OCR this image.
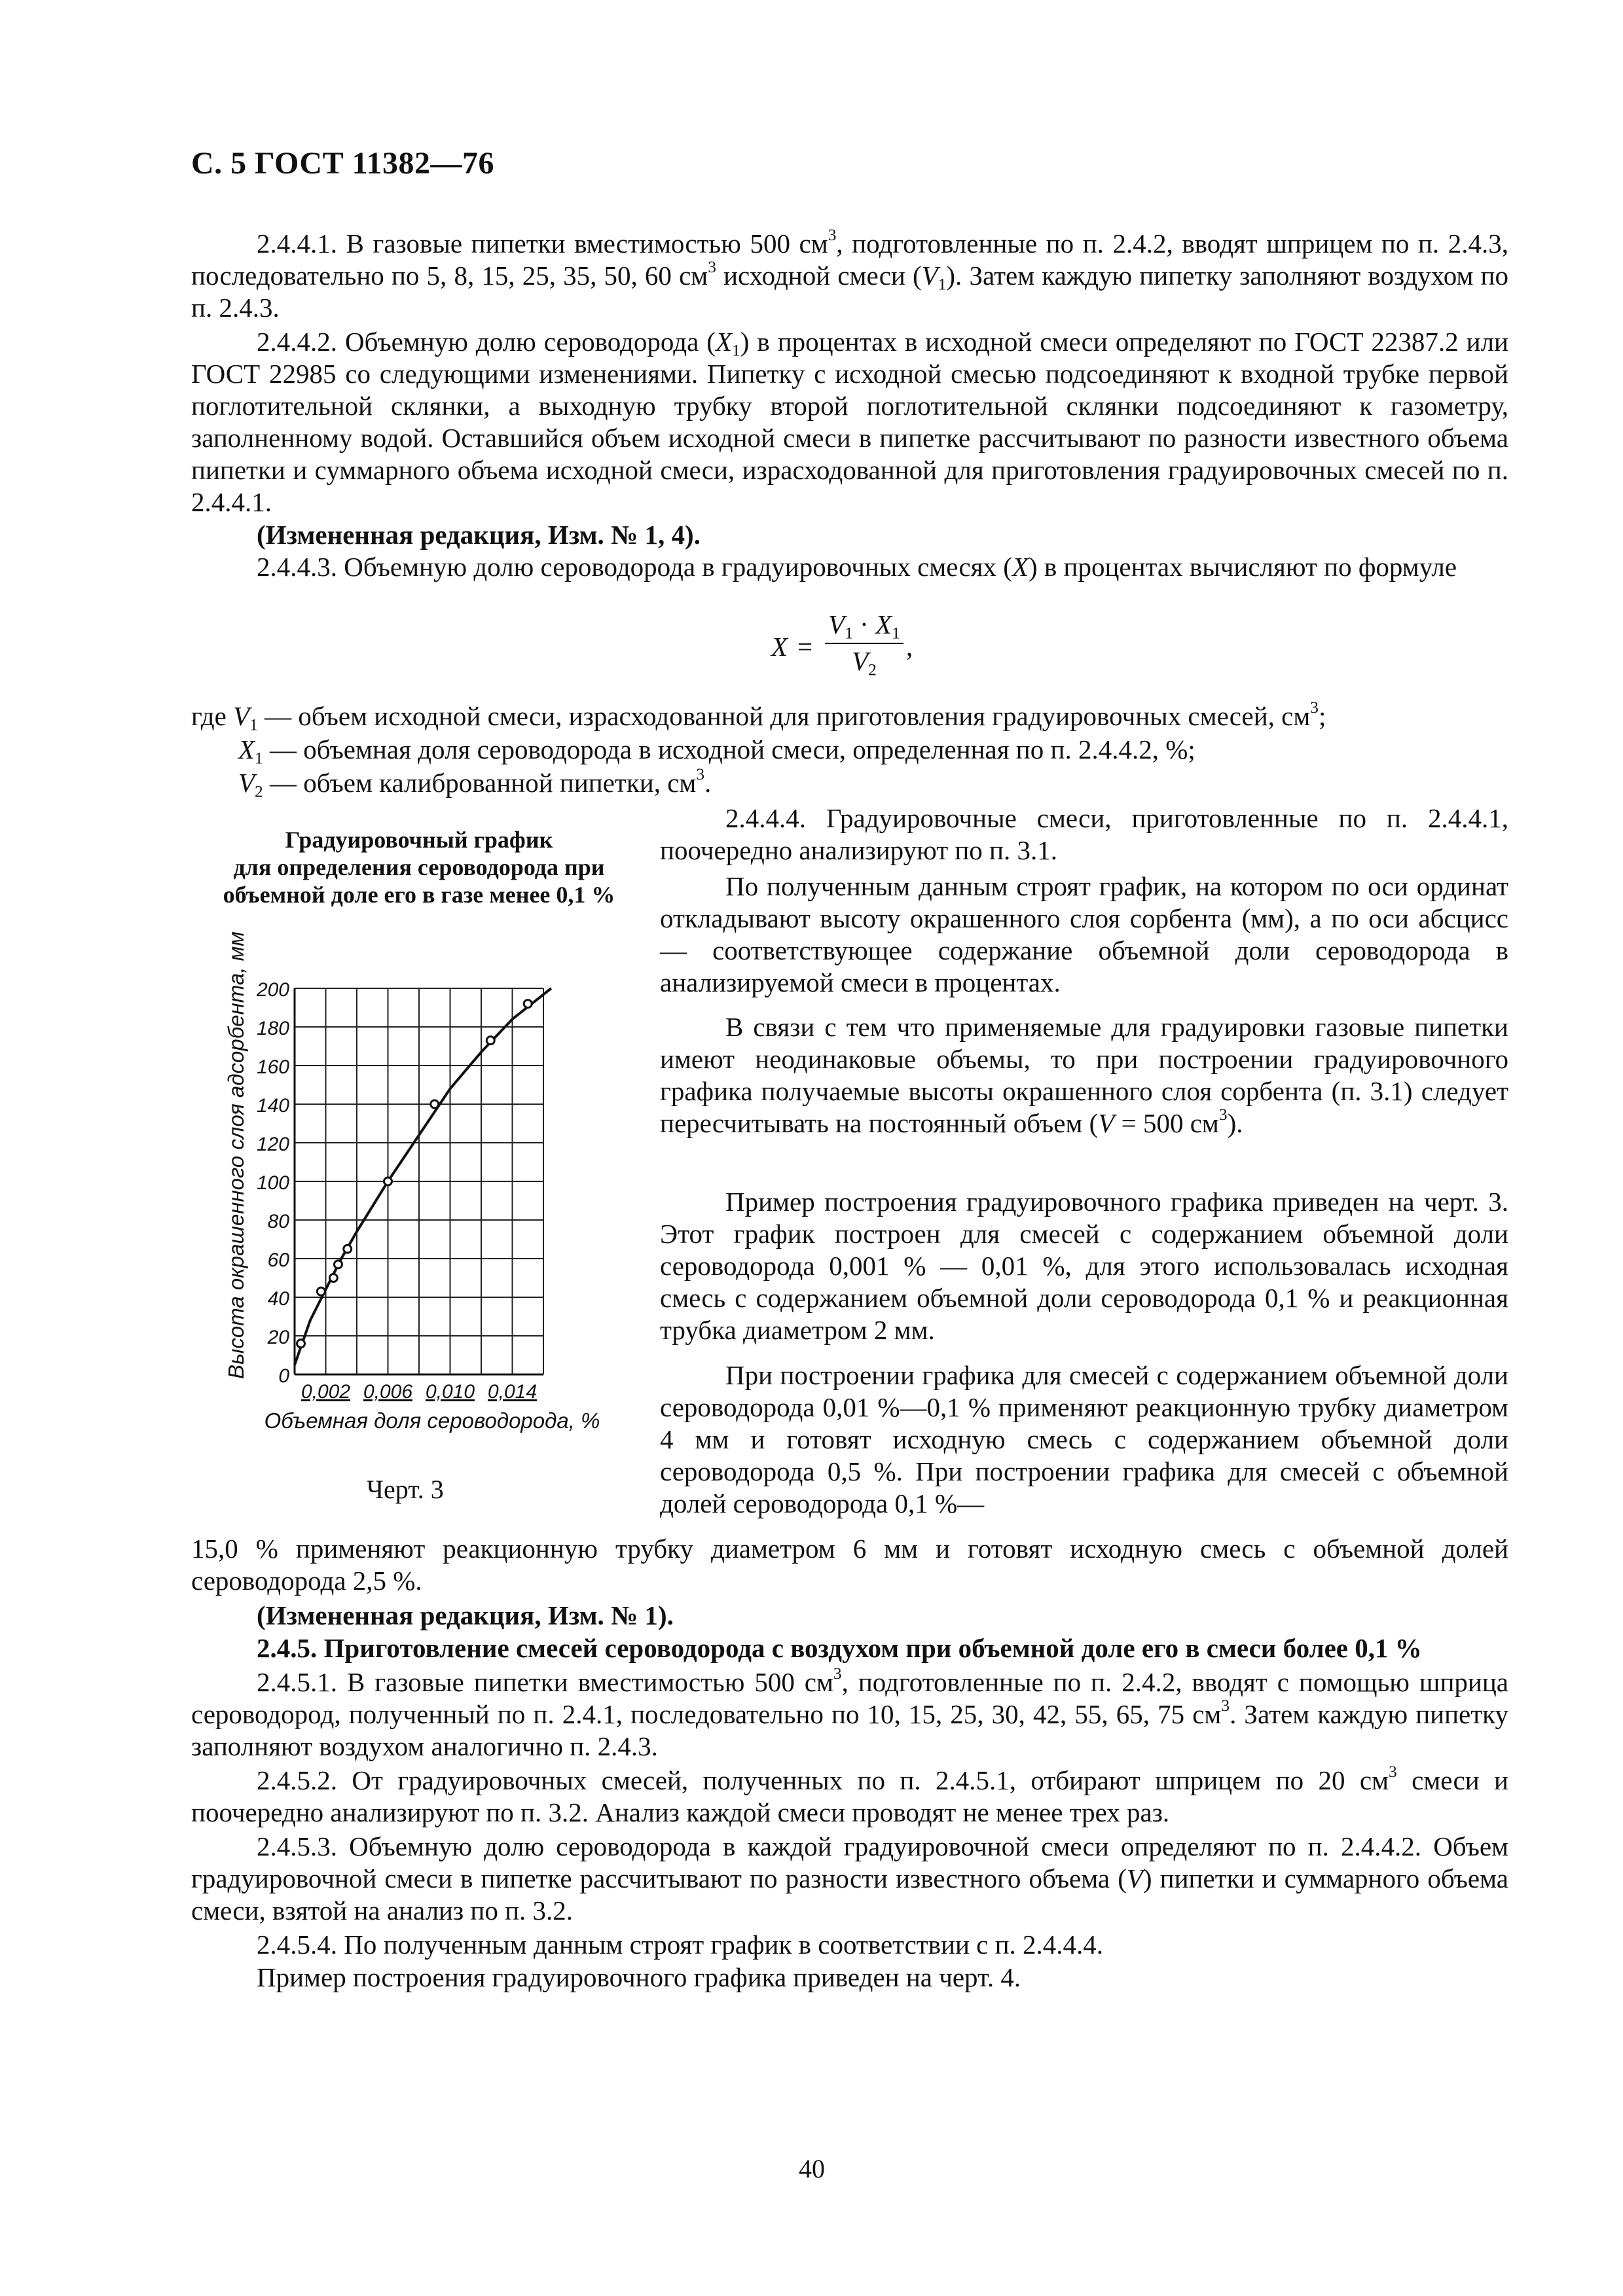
С. 5 ГОСТ 11382—76

2.4.4.1. В газовые пипетки вместимостью 500 $см^3$, подготовленные по п. 2.4.2, вводят шприцем по п. 2.4.3, последовательно по 5, 8, 15, 25, 35, 50, 60 $см^3$ исходной смеси $(V_1)$. Затем каждую пипетку заполняют воздухом по п. 2.4.3.

2.4.4.2. Объемную долю сероводорода $(X_1)$ в процентах в исходной смеси определяют по ГОСТ 22387.2 или ГОСТ 22985 со следующими изменениями. Пипетку с исходной смесью подсоединяют к входной трубке первой поглотительной склянки, а выходную трубку второй поглотительной склянки подсоединяют к газометру, заполненному водой. Оставшийся объем исходной смеси в пипетке рассчитывают по разности известного объема пипетки и суммарного объема исходной смеси, израсходованной для приготовления градуировочных смесей по п. 2.4.4.1.

(Измененная редакция, Изм. № 1, 4).

2.4.4.3. Объемную долю сероводорода в градуировочных смесях (X) в процентах вычисляют по формуле

X =
$V_1 \cdot X_1$
$V_2$
,
где $V_1$ — объем исходной смеси, израсходованной для приготовления градуировочных смесей, $см^3$;
$X_1$ — объемная доля сероводорода в исходной смеси, определенная по п. 2.4.4.2, %;
$V_2$ — объем калиброванной пипетки, $см^3$.
Градуировочный график
для определения сероводорода при
объемной доле его в газе менее 0,1 %
0
20
40
60
80
100
120
140
160
180
200
0,002 0,006 0,010 0,014
Объемная доля сероводорода, %
Высота окрашенного слоя адсорбента, мм
Черт. 3

2.4.4.4. Градуировочные смеси, приготовленные по п. 2.4.4.1, поочередно анализируют по п. 3.1.

По полученным данным строят график, на котором по оси ординат откладывают высоту окрашенного слоя сорбента (мм), а по оси абсцисс — соответствующее содержание объемной доли сероводорода в анализируемой смеси в процентах.

В связи с тем что применяемые для градуировки газовые пипетки имеют неодинаковые объемы, то при построении градуировочного графика получаемые высоты окрашенного слоя сорбента (п. 3.1) следует пересчитывать на постоянный объем (V = 500 $см^3$).

Пример построения градуировочного графика приведен на черт. 3. Этот график построен для смесей с содержанием объемной доли сероводорода 0,001 % — 0,01 %, для этого использовалась исходная смесь с содержанием объемной доли сероводорода 0,1 % и реакционная трубка диаметром 2 мм.

При построении графика для смесей с содержанием объемной доли сероводорода 0,01 %—0,1 % применяют реакционную трубку диаметром 4 мм и готовят исходную смесь с содержанием объемной доли сероводорода 0,5 %. При построении графика для смесей с объемной долей сероводорода 0,1 %—

15,0 % применяют реакционную трубку диаметром 6 мм и готовят исходную смесь с объемной долей сероводорода 2,5 %.

(Измененная редакция, Изм. № 1).

2.4.5. Приготовление смесей сероводорода с воздухом при объемной доле его в смеси более 0,1 %

2.4.5.1. В газовые пипетки вместимостью 500 $см^3$, подготовленные по п. 2.4.2, вводят с помощью шприца сероводород, полученный по п. 2.4.1, последовательно по 10, 15, 25, 30, 42, 55, 65, 75 $см^3$. Затем каждую пипетку заполняют воздухом аналогично п. 2.4.3.

2.4.5.2. От градуировочных смесей, полученных по п. 2.4.5.1, отбирают шприцем по 20 $см^3$ смеси и поочередно анализируют по п. 3.2. Анализ каждой смеси проводят не менее трех раз.

2.4.5.3. Объемную долю сероводорода в каждой градуировочной смеси определяют по п. 2.4.4.2. Объем градуировочной смеси в пипетке рассчитывают по разности известного объема (V) пипетки и суммарного объема смеси, взятой на анализ по п. 3.2.

2.4.5.4. По полученным данным строят график в соответствии с п. 2.4.4.4.

Пример построения градуировочного графика приведен на черт. 4.

40
